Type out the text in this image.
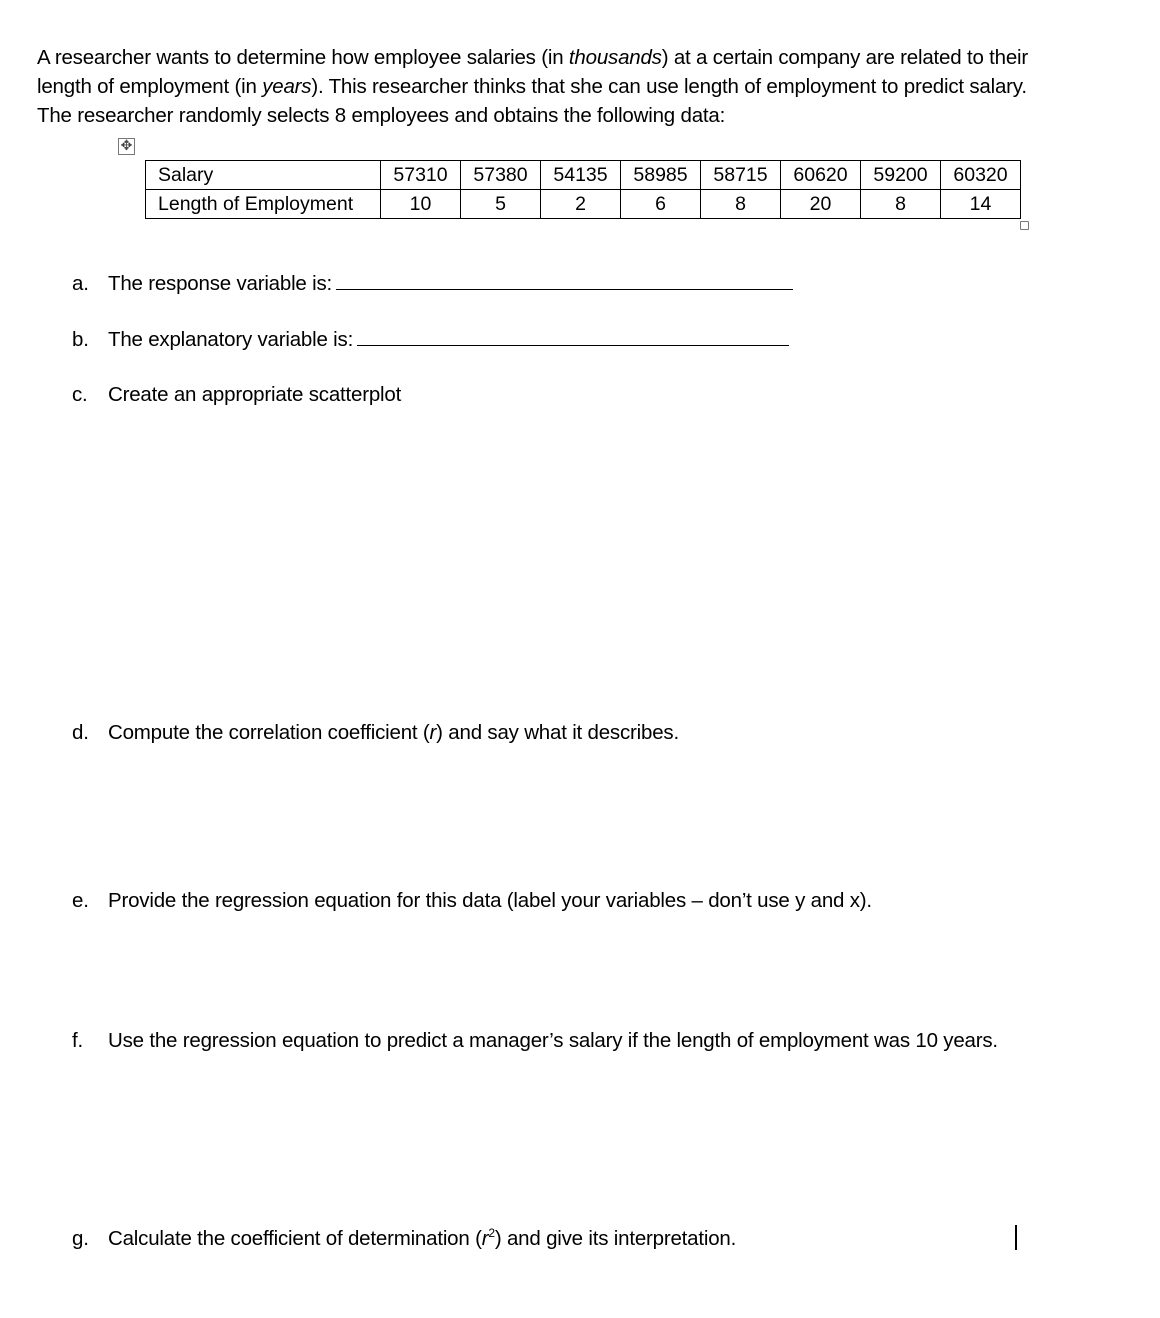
A researcher wants to determine how employee salaries (in thousands) at a certain company are related to their
length of employment (in years). This researcher thinks that she can use length of employment to predict salary.
The researcher randomly selects 8 employees and obtains the following data:
✥
Salary	57310	57380	54135	58985	58715	60620	59200	60320
Length of Employment	10	5	2	6	8	20	8	14
a. The response variable is:
b. The explanatory variable is:
c. Create an appropriate scatterplot
d. Compute the correlation coefficient (r) and say what it describes.
e. Provide the regression equation for this data (label your variables – don’t use y and x).
f. Use the regression equation to predict a manager’s salary if the length of employment was 10 years.
g. Calculate the coefficient of determination $(r^2)$ and give its interpretation.
